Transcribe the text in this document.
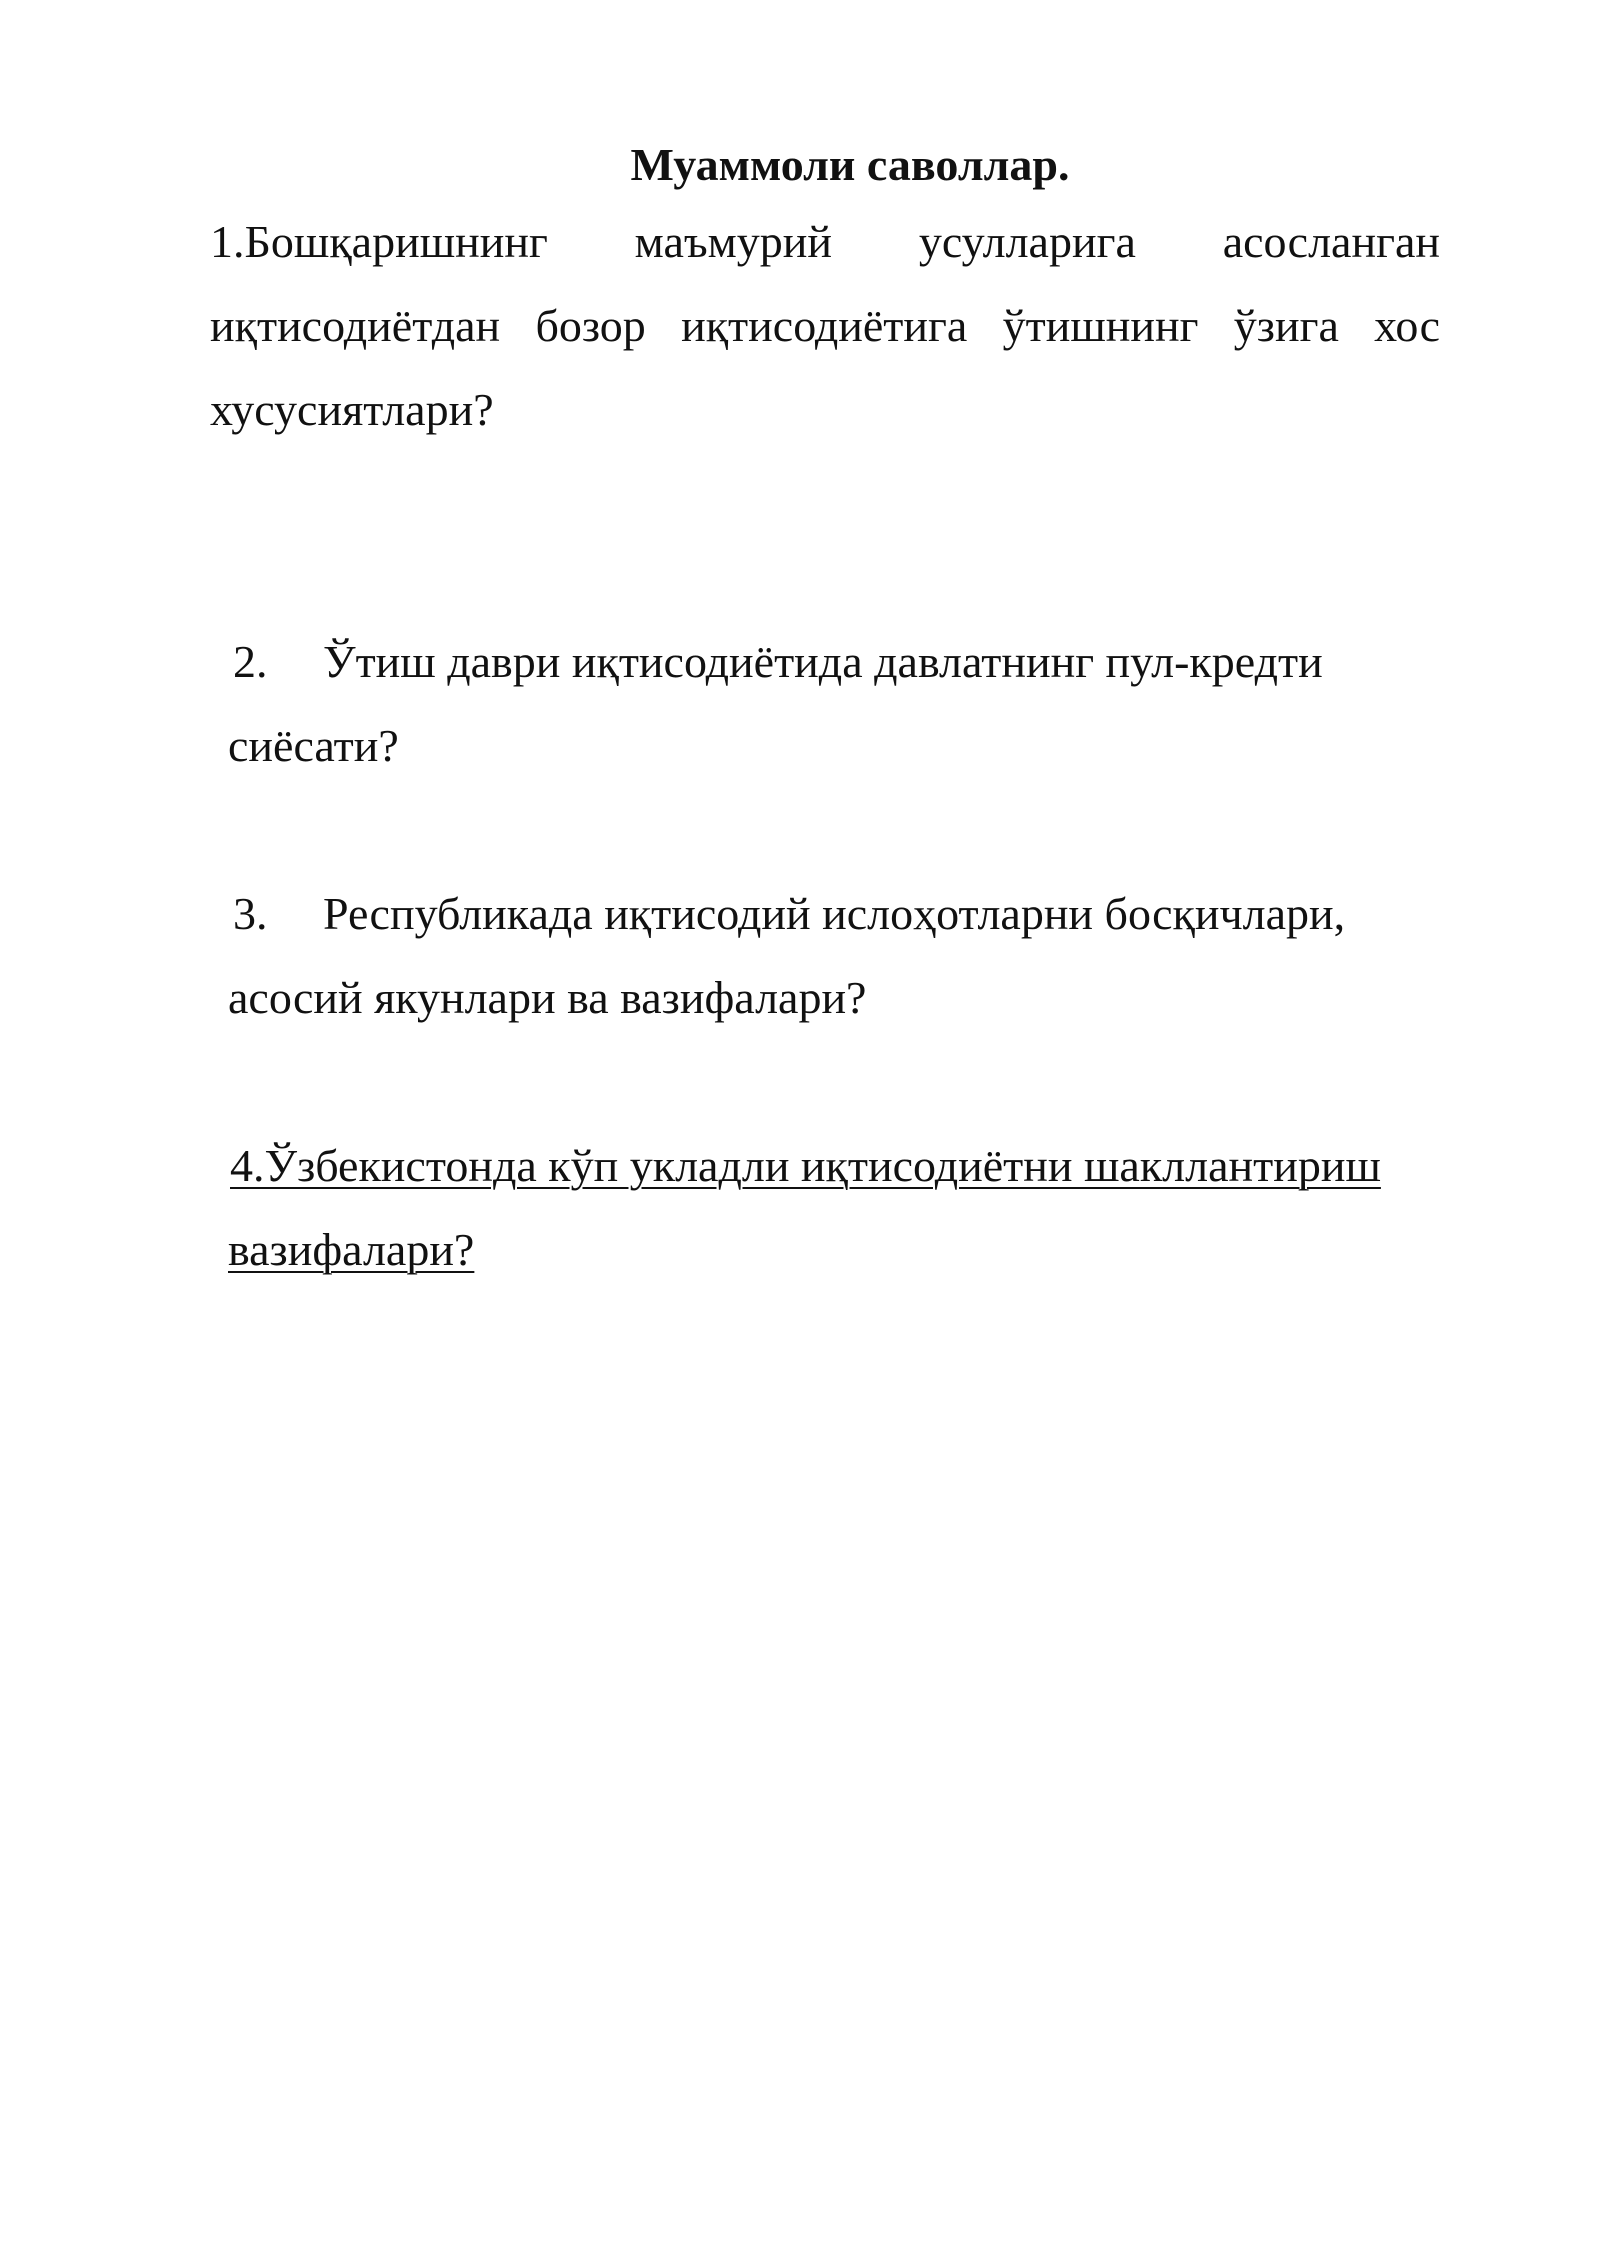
Муаммоли саволлар.
1.Бошқаришнинг маъмурий усулларига асосланган
иқтисодиётдан бозор иқтисодиётига ўтишнинг ўзига хос
хусусиятлари?
2. Ўтиш даври иқтисодиётида давлатнинг пул-кредти
сиёсати?
3. Республикада иқтисодий ислоҳотларни босқичлари,
асосий якунлари ва вазифалари?
4.Ўзбекистонда кўп укладли иқтисодиётни шакллантириш
вазифалари?
